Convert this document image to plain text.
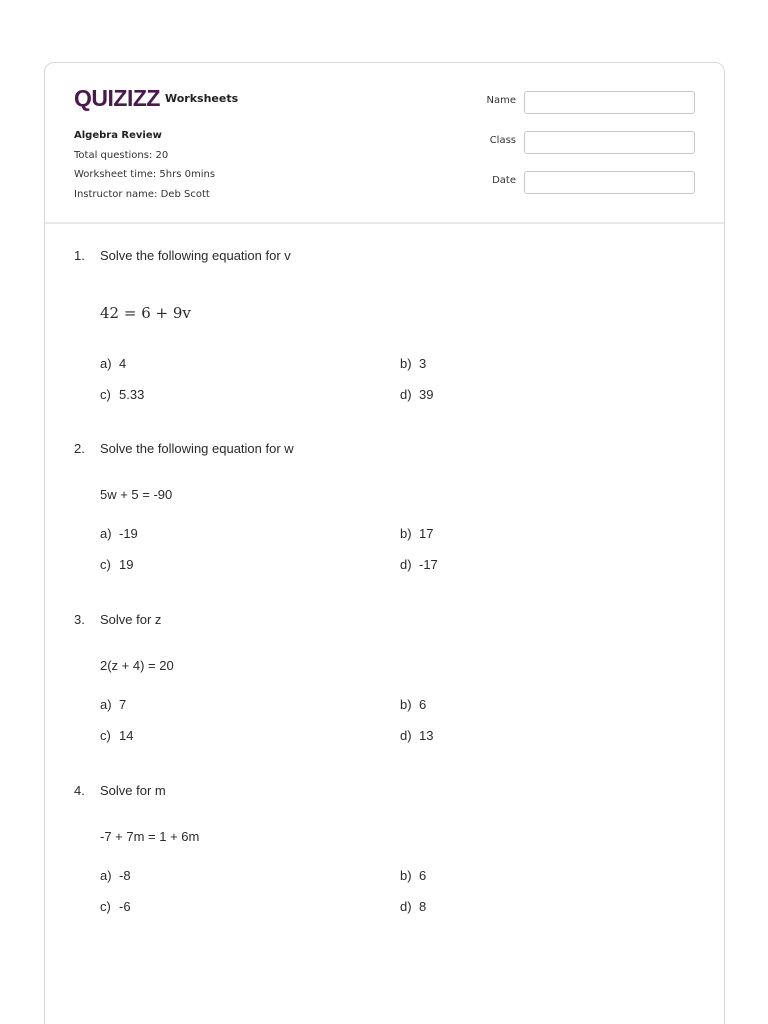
QUIZIZZ Worksheets
Algebra Review
Total questions: 20
Worksheet time: 5hrs 0mins
Instructor name: Deb Scott
Name
Class
Date
1. Solve the following equation for v
42 = 6 + 9v
a) 4	b) 3
c) 5.33	d) 39
2. Solve the following equation for w
5w + 5 = -90
a) -19	b) 17
c) 19	d) -17
3. Solve for z
2(z + 4) = 20
a) 7	b) 6
c) 14	d) 13
4. Solve for m
-7 + 7m = 1 + 6m
a) -8	b) 6
c) -6	d) 8
